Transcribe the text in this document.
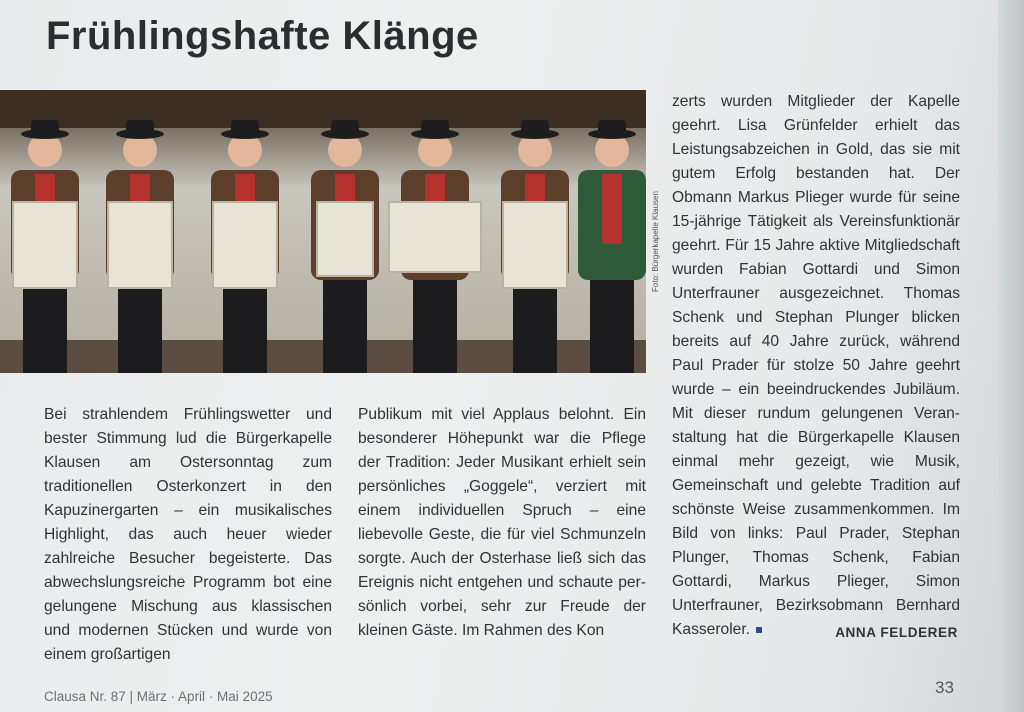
Frühlingshafte Klänge
Foto: Bürgerkapelle Klausen

Bei strahlendem Frühlingswetter und bester Stimmung lud die Bürgerkapelle Klausen am Ostersonntag zum traditionellen Osterkonzert in den Kapuzinergarten – ein musikalisches Highlight, das auch heuer wieder zahlreiche Besucher begeisterte. Das abwechslungsreiche Programm bot eine gelungene Mischung aus klassischen und modernen Stücken und wurde von einem großartigen

Publikum mit viel Applaus belohnt. Ein besonderer Höhepunkt war die Pflege der Tradition: Jeder Musikant erhielt sein persönliches „Goggele“, verziert mit einem individuellen Spruch – eine liebevolle Geste, die für viel Schmunzeln sorgte. Auch der Osterhase ließ sich das Ereignis nicht entgehen und schaute persönlich vorbei, sehr zur Freude der kleinen Gäste. Im Rahmen des Kon

zerts wurden Mitglieder der Kapelle geehrt. Lisa Grünfelder erhielt das Leistungsabzeichen in Gold, das sie mit gutem Erfolg bestanden hat. Der Obmann Markus Plieger wurde für seine 15-jährige Tätigkeit als Vereinsfunktionär geehrt. Für 15 Jahre aktive Mitgliedschaft wurden Fabian Gottardi und Simon Unterfrauner ausgezeichnet. Thomas Schenk und Stephan Plunger blicken bereits auf 40 Jahre zurück, während Paul Prader für stolze 50 Jahre geehrt wurde – ein beeindruckendes Jubiläum. Mit dieser rundum gelungenen Veranstaltung hat die Bürgerkapelle Klausen einmal mehr gezeigt, wie Musik, Gemeinschaft und gelebte Tradition auf schönste Weise zusammenkommen. Im Bild von links: Paul Prader, Stephan Plunger, Thomas Schenk, Fabian Gottardi, Markus Plieger, Simon Unterfrauner, Bezirksobmann Bernhard Kasseroler.	ANNA FELDERER
Clausa Nr. 87 | März · April · Mai 2025	33
